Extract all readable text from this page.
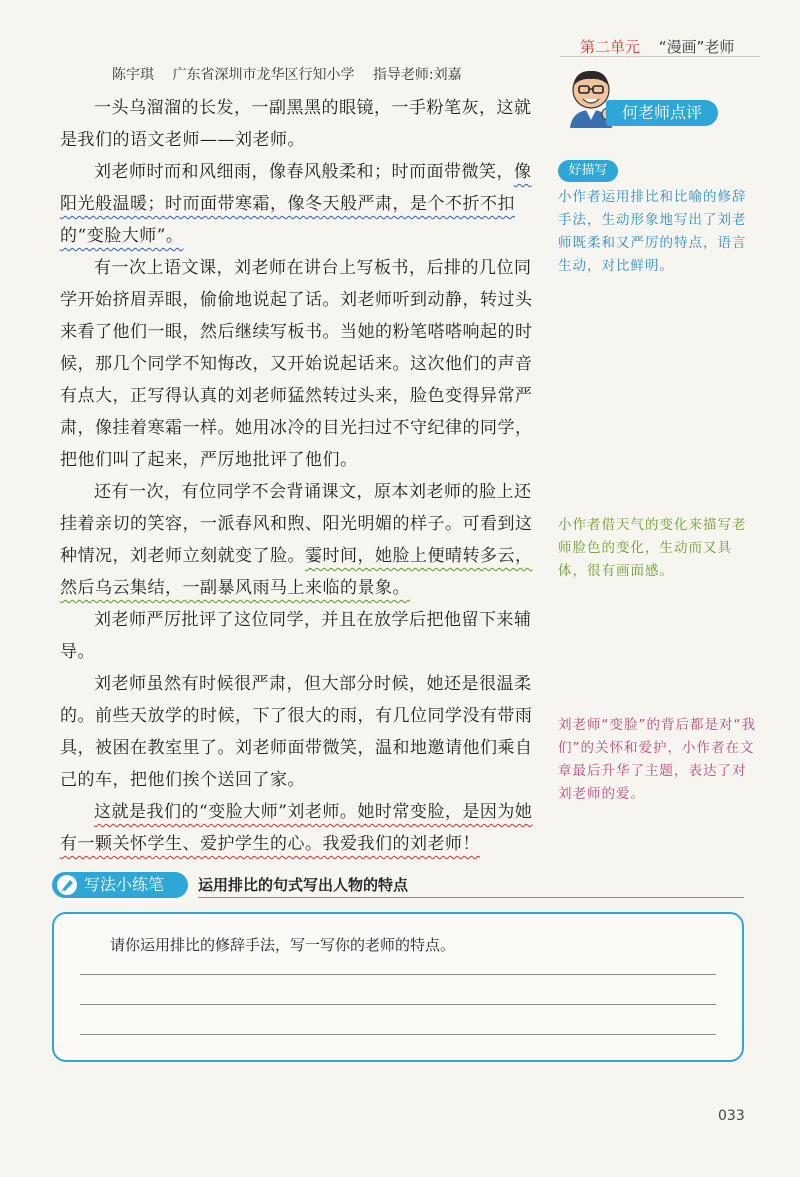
第二单元 “漫画”老师
陈宇琪 广东省深圳市龙华区行知小学 指导老师:刘嘉

一头乌溜溜的长发，一副黑黑的眼镜，一手粉笔灰，这就是我们的语文老师——刘老师。

刘老师时而和风细雨，像春风般柔和；时而面带微笑，像阳光般温暖；时而面带寒霜，像冬天般严肃，是个不折不扣的“变脸大师”。

有一次上语文课，刘老师在讲台上写板书，后排的几位同学开始挤眉弄眼，偷偷地说起了话。刘老师听到动静，转过头来看了他们一眼，然后继续写板书。当她的粉笔嗒嗒响起的时候，那几个同学不知悔改，又开始说起话来。这次他们的声音有点大，正写得认真的刘老师猛然转过头来，脸色变得异常严肃，像挂着寒霜一样。她用冰冷的目光扫过不守纪律的同学，把他们叫了起来，严厉地批评了他们。

还有一次，有位同学不会背诵课文，原本刘老师的脸上还挂着亲切的笑容，一派春风和煦、阳光明媚的样子。可看到这种情况，刘老师立刻就变了脸。霎时间，她脸上便晴转多云，然后乌云集结，一副暴风雨马上来临的景象。

刘老师严厉批评了这位同学，并且在放学后把他留下来辅导。

刘老师虽然有时候很严肃，但大部分时候，她还是很温柔的。前些天放学的时候，下了很大的雨，有几位同学没有带雨具，被困在教室里了。刘老师面带微笑，温和地邀请他们乘自己的车，把他们挨个送回了家。

这就是我们的“变脸大师”刘老师。她时常变脸，是因为她有一颗关怀学生、爱护学生的心。我爱我们的刘老师！

何老师点评
好描写
小作者运用排比和比喻的修辞手法，生动形象地写出了刘老师既柔和又严厉的特点，语言生动，对比鲜明。
小作者借天气的变化来描写老师脸色的变化，生动而又具体，很有画面感。
刘老师“变脸”的背后都是对“我们”的关怀和爱护，小作者在文章最后升华了主题，表达了对刘老师的爱。
写法小练笔 运用排比的句式写出人物的特点
请你运用排比的修辞手法，写一写你的老师的特点。
033
